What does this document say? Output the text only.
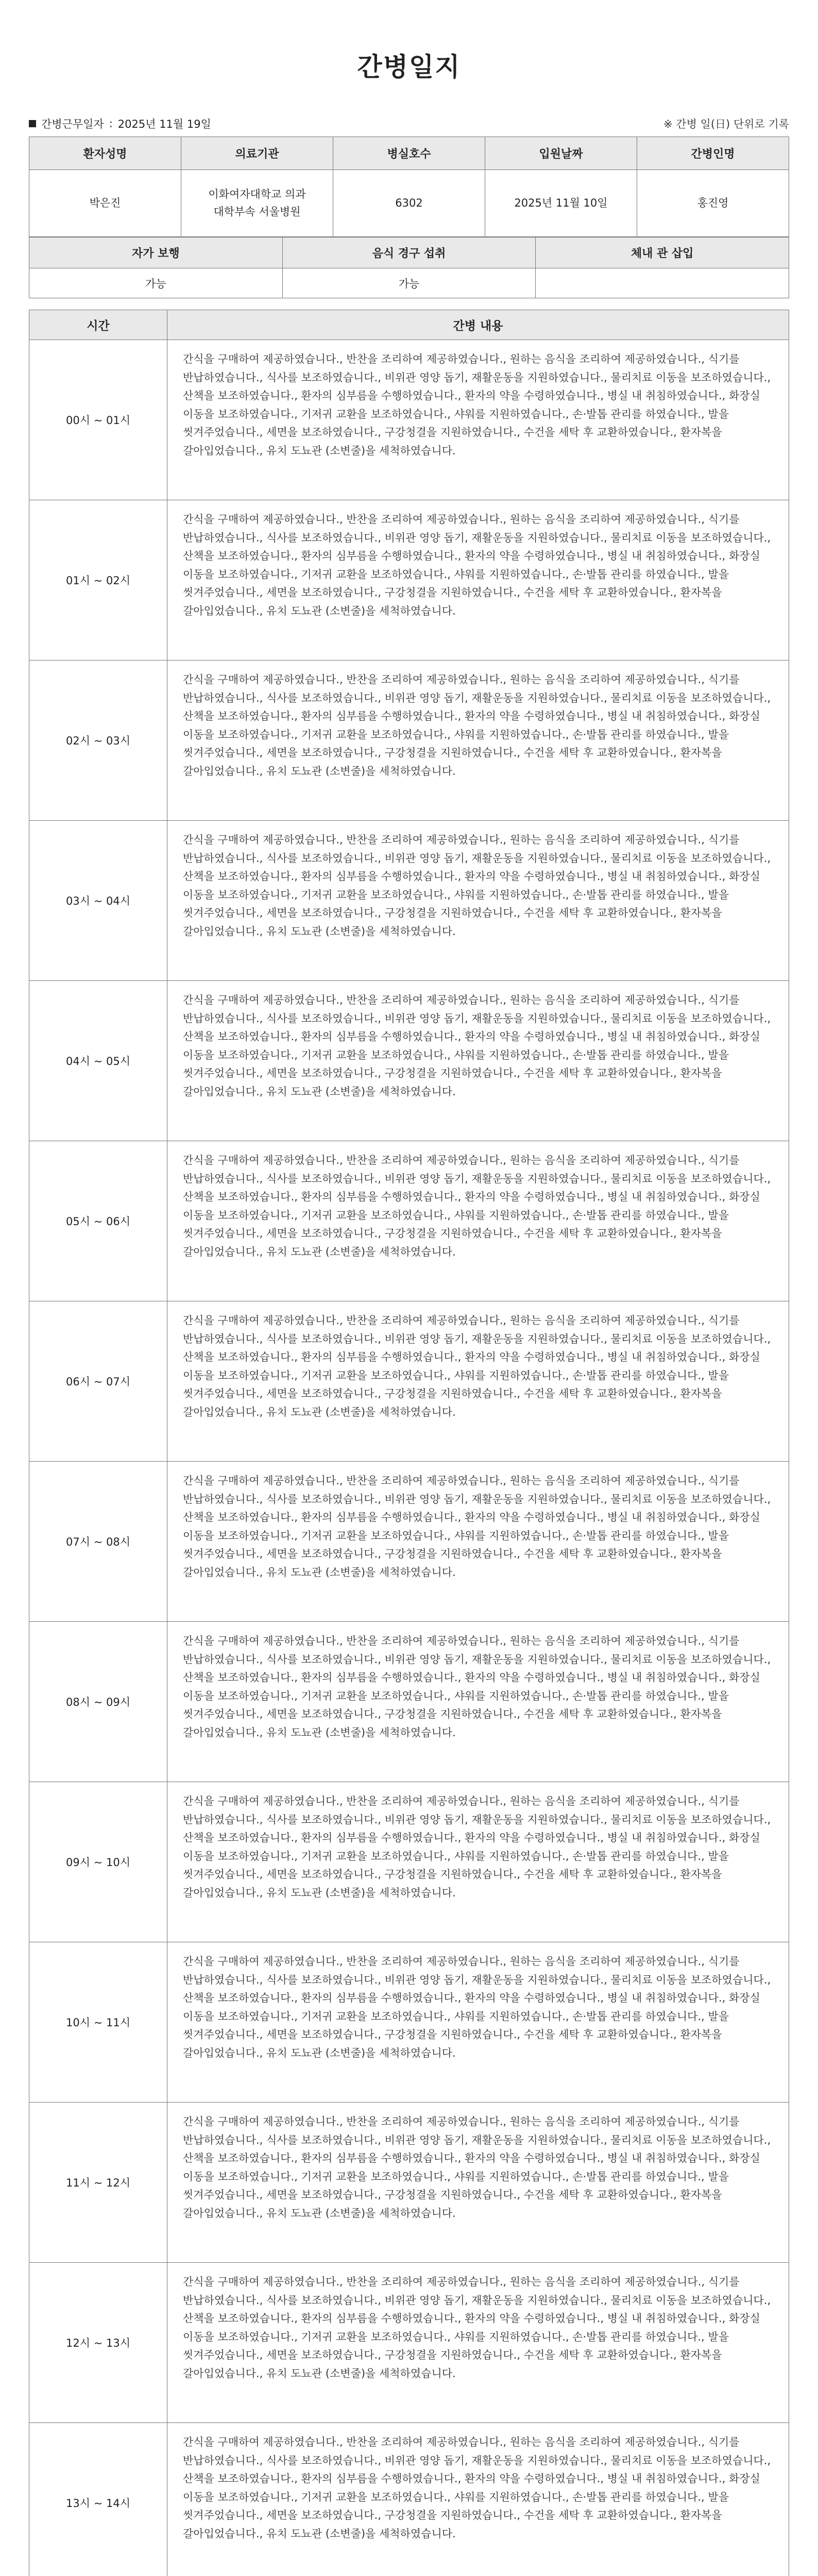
간병일지
간병근무일자 : 2025년 11월 19일	※ 간병 일(日) 단위로 기록
환자성명	의료기관	병실호수	입원날짜	간병인명
박은진	이화여자대학교 의과
대학부속 서울병원	6302	2025년 11월 10일	홍진영
자가 보행	음식 경구 섭취	체내 관 삽입
가능	가능	
시간	간병 내용
00시 ~ 01시	간식을 구매하여 제공하였습니다., 반찬을 조리하여 제공하였습니다., 원하는 음식을 조리하여 제공하였습니다., 식기를 반납하였습니다., 식사를 보조하였습니다., 비위관 영양 돕기, 재활운동을 지원하였습니다., 물리치료 이동을 보조하였습니다., 산책을 보조하였습니다., 환자의 심부름을 수행하였습니다., 환자의 약을 수령하였습니다., 병실 내 취침하였습니다., 화장실 이동을 보조하였습니다., 기저귀 교환을 보조하였습니다., 샤워를 지원하였습니다., 손·발톱 관리를 하였습니다., 발을 씻겨주었습니다., 세면을 보조하였습니다., 구강청결을 지원하였습니다., 수건을 세탁 후 교환하였습니다., 환자복을 갈아입었습니다., 유치 도뇨관 (소변줄)을 세척하였습니다.
01시 ~ 02시	간식을 구매하여 제공하였습니다., 반찬을 조리하여 제공하였습니다., 원하는 음식을 조리하여 제공하였습니다., 식기를 반납하였습니다., 식사를 보조하였습니다., 비위관 영양 돕기, 재활운동을 지원하였습니다., 물리치료 이동을 보조하였습니다., 산책을 보조하였습니다., 환자의 심부름을 수행하였습니다., 환자의 약을 수령하였습니다., 병실 내 취침하였습니다., 화장실 이동을 보조하였습니다., 기저귀 교환을 보조하였습니다., 샤워를 지원하였습니다., 손·발톱 관리를 하였습니다., 발을 씻겨주었습니다., 세면을 보조하였습니다., 구강청결을 지원하였습니다., 수건을 세탁 후 교환하였습니다., 환자복을 갈아입었습니다., 유치 도뇨관 (소변줄)을 세척하였습니다.
02시 ~ 03시	간식을 구매하여 제공하였습니다., 반찬을 조리하여 제공하였습니다., 원하는 음식을 조리하여 제공하였습니다., 식기를 반납하였습니다., 식사를 보조하였습니다., 비위관 영양 돕기, 재활운동을 지원하였습니다., 물리치료 이동을 보조하였습니다., 산책을 보조하였습니다., 환자의 심부름을 수행하였습니다., 환자의 약을 수령하였습니다., 병실 내 취침하였습니다., 화장실 이동을 보조하였습니다., 기저귀 교환을 보조하였습니다., 샤워를 지원하였습니다., 손·발톱 관리를 하였습니다., 발을 씻겨주었습니다., 세면을 보조하였습니다., 구강청결을 지원하였습니다., 수건을 세탁 후 교환하였습니다., 환자복을 갈아입었습니다., 유치 도뇨관 (소변줄)을 세척하였습니다.
03시 ~ 04시	간식을 구매하여 제공하였습니다., 반찬을 조리하여 제공하였습니다., 원하는 음식을 조리하여 제공하였습니다., 식기를 반납하였습니다., 식사를 보조하였습니다., 비위관 영양 돕기, 재활운동을 지원하였습니다., 물리치료 이동을 보조하였습니다., 산책을 보조하였습니다., 환자의 심부름을 수행하였습니다., 환자의 약을 수령하였습니다., 병실 내 취침하였습니다., 화장실 이동을 보조하였습니다., 기저귀 교환을 보조하였습니다., 샤워를 지원하였습니다., 손·발톱 관리를 하였습니다., 발을 씻겨주었습니다., 세면을 보조하였습니다., 구강청결을 지원하였습니다., 수건을 세탁 후 교환하였습니다., 환자복을 갈아입었습니다., 유치 도뇨관 (소변줄)을 세척하였습니다.
04시 ~ 05시	간식을 구매하여 제공하였습니다., 반찬을 조리하여 제공하였습니다., 원하는 음식을 조리하여 제공하였습니다., 식기를 반납하였습니다., 식사를 보조하였습니다., 비위관 영양 돕기, 재활운동을 지원하였습니다., 물리치료 이동을 보조하였습니다., 산책을 보조하였습니다., 환자의 심부름을 수행하였습니다., 환자의 약을 수령하였습니다., 병실 내 취침하였습니다., 화장실 이동을 보조하였습니다., 기저귀 교환을 보조하였습니다., 샤워를 지원하였습니다., 손·발톱 관리를 하였습니다., 발을 씻겨주었습니다., 세면을 보조하였습니다., 구강청결을 지원하였습니다., 수건을 세탁 후 교환하였습니다., 환자복을 갈아입었습니다., 유치 도뇨관 (소변줄)을 세척하였습니다.
05시 ~ 06시	간식을 구매하여 제공하였습니다., 반찬을 조리하여 제공하였습니다., 원하는 음식을 조리하여 제공하였습니다., 식기를 반납하였습니다., 식사를 보조하였습니다., 비위관 영양 돕기, 재활운동을 지원하였습니다., 물리치료 이동을 보조하였습니다., 산책을 보조하였습니다., 환자의 심부름을 수행하였습니다., 환자의 약을 수령하였습니다., 병실 내 취침하였습니다., 화장실 이동을 보조하였습니다., 기저귀 교환을 보조하였습니다., 샤워를 지원하였습니다., 손·발톱 관리를 하였습니다., 발을 씻겨주었습니다., 세면을 보조하였습니다., 구강청결을 지원하였습니다., 수건을 세탁 후 교환하였습니다., 환자복을 갈아입었습니다., 유치 도뇨관 (소변줄)을 세척하였습니다.
06시 ~ 07시	간식을 구매하여 제공하였습니다., 반찬을 조리하여 제공하였습니다., 원하는 음식을 조리하여 제공하였습니다., 식기를 반납하였습니다., 식사를 보조하였습니다., 비위관 영양 돕기, 재활운동을 지원하였습니다., 물리치료 이동을 보조하였습니다., 산책을 보조하였습니다., 환자의 심부름을 수행하였습니다., 환자의 약을 수령하였습니다., 병실 내 취침하였습니다., 화장실 이동을 보조하였습니다., 기저귀 교환을 보조하였습니다., 샤워를 지원하였습니다., 손·발톱 관리를 하였습니다., 발을 씻겨주었습니다., 세면을 보조하였습니다., 구강청결을 지원하였습니다., 수건을 세탁 후 교환하였습니다., 환자복을 갈아입었습니다., 유치 도뇨관 (소변줄)을 세척하였습니다.
07시 ~ 08시	간식을 구매하여 제공하였습니다., 반찬을 조리하여 제공하였습니다., 원하는 음식을 조리하여 제공하였습니다., 식기를 반납하였습니다., 식사를 보조하였습니다., 비위관 영양 돕기, 재활운동을 지원하였습니다., 물리치료 이동을 보조하였습니다., 산책을 보조하였습니다., 환자의 심부름을 수행하였습니다., 환자의 약을 수령하였습니다., 병실 내 취침하였습니다., 화장실 이동을 보조하였습니다., 기저귀 교환을 보조하였습니다., 샤워를 지원하였습니다., 손·발톱 관리를 하였습니다., 발을 씻겨주었습니다., 세면을 보조하였습니다., 구강청결을 지원하였습니다., 수건을 세탁 후 교환하였습니다., 환자복을 갈아입었습니다., 유치 도뇨관 (소변줄)을 세척하였습니다.
08시 ~ 09시	간식을 구매하여 제공하였습니다., 반찬을 조리하여 제공하였습니다., 원하는 음식을 조리하여 제공하였습니다., 식기를 반납하였습니다., 식사를 보조하였습니다., 비위관 영양 돕기, 재활운동을 지원하였습니다., 물리치료 이동을 보조하였습니다., 산책을 보조하였습니다., 환자의 심부름을 수행하였습니다., 환자의 약을 수령하였습니다., 병실 내 취침하였습니다., 화장실 이동을 보조하였습니다., 기저귀 교환을 보조하였습니다., 샤워를 지원하였습니다., 손·발톱 관리를 하였습니다., 발을 씻겨주었습니다., 세면을 보조하였습니다., 구강청결을 지원하였습니다., 수건을 세탁 후 교환하였습니다., 환자복을 갈아입었습니다., 유치 도뇨관 (소변줄)을 세척하였습니다.
09시 ~ 10시	간식을 구매하여 제공하였습니다., 반찬을 조리하여 제공하였습니다., 원하는 음식을 조리하여 제공하였습니다., 식기를 반납하였습니다., 식사를 보조하였습니다., 비위관 영양 돕기, 재활운동을 지원하였습니다., 물리치료 이동을 보조하였습니다., 산책을 보조하였습니다., 환자의 심부름을 수행하였습니다., 환자의 약을 수령하였습니다., 병실 내 취침하였습니다., 화장실 이동을 보조하였습니다., 기저귀 교환을 보조하였습니다., 샤워를 지원하였습니다., 손·발톱 관리를 하였습니다., 발을 씻겨주었습니다., 세면을 보조하였습니다., 구강청결을 지원하였습니다., 수건을 세탁 후 교환하였습니다., 환자복을 갈아입었습니다., 유치 도뇨관 (소변줄)을 세척하였습니다.
10시 ~ 11시	간식을 구매하여 제공하였습니다., 반찬을 조리하여 제공하였습니다., 원하는 음식을 조리하여 제공하였습니다., 식기를 반납하였습니다., 식사를 보조하였습니다., 비위관 영양 돕기, 재활운동을 지원하였습니다., 물리치료 이동을 보조하였습니다., 산책을 보조하였습니다., 환자의 심부름을 수행하였습니다., 환자의 약을 수령하였습니다., 병실 내 취침하였습니다., 화장실 이동을 보조하였습니다., 기저귀 교환을 보조하였습니다., 샤워를 지원하였습니다., 손·발톱 관리를 하였습니다., 발을 씻겨주었습니다., 세면을 보조하였습니다., 구강청결을 지원하였습니다., 수건을 세탁 후 교환하였습니다., 환자복을 갈아입었습니다., 유치 도뇨관 (소변줄)을 세척하였습니다.
11시 ~ 12시	간식을 구매하여 제공하였습니다., 반찬을 조리하여 제공하였습니다., 원하는 음식을 조리하여 제공하였습니다., 식기를 반납하였습니다., 식사를 보조하였습니다., 비위관 영양 돕기, 재활운동을 지원하였습니다., 물리치료 이동을 보조하였습니다., 산책을 보조하였습니다., 환자의 심부름을 수행하였습니다., 환자의 약을 수령하였습니다., 병실 내 취침하였습니다., 화장실 이동을 보조하였습니다., 기저귀 교환을 보조하였습니다., 샤워를 지원하였습니다., 손·발톱 관리를 하였습니다., 발을 씻겨주었습니다., 세면을 보조하였습니다., 구강청결을 지원하였습니다., 수건을 세탁 후 교환하였습니다., 환자복을 갈아입었습니다., 유치 도뇨관 (소변줄)을 세척하였습니다.
12시 ~ 13시	간식을 구매하여 제공하였습니다., 반찬을 조리하여 제공하였습니다., 원하는 음식을 조리하여 제공하였습니다., 식기를 반납하였습니다., 식사를 보조하였습니다., 비위관 영양 돕기, 재활운동을 지원하였습니다., 물리치료 이동을 보조하였습니다., 산책을 보조하였습니다., 환자의 심부름을 수행하였습니다., 환자의 약을 수령하였습니다., 병실 내 취침하였습니다., 화장실 이동을 보조하였습니다., 기저귀 교환을 보조하였습니다., 샤워를 지원하였습니다., 손·발톱 관리를 하였습니다., 발을 씻겨주었습니다., 세면을 보조하였습니다., 구강청결을 지원하였습니다., 수건을 세탁 후 교환하였습니다., 환자복을 갈아입었습니다., 유치 도뇨관 (소변줄)을 세척하였습니다.
13시 ~ 14시	간식을 구매하여 제공하였습니다., 반찬을 조리하여 제공하였습니다., 원하는 음식을 조리하여 제공하였습니다., 식기를 반납하였습니다., 식사를 보조하였습니다., 비위관 영양 돕기, 재활운동을 지원하였습니다., 물리치료 이동을 보조하였습니다., 산책을 보조하였습니다., 환자의 심부름을 수행하였습니다., 환자의 약을 수령하였습니다., 병실 내 취침하였습니다., 화장실 이동을 보조하였습니다., 기저귀 교환을 보조하였습니다., 샤워를 지원하였습니다., 손·발톱 관리를 하였습니다., 발을 씻겨주었습니다., 세면을 보조하였습니다., 구강청결을 지원하였습니다., 수건을 세탁 후 교환하였습니다., 환자복을 갈아입었습니다., 유치 도뇨관 (소변줄)을 세척하였습니다.
